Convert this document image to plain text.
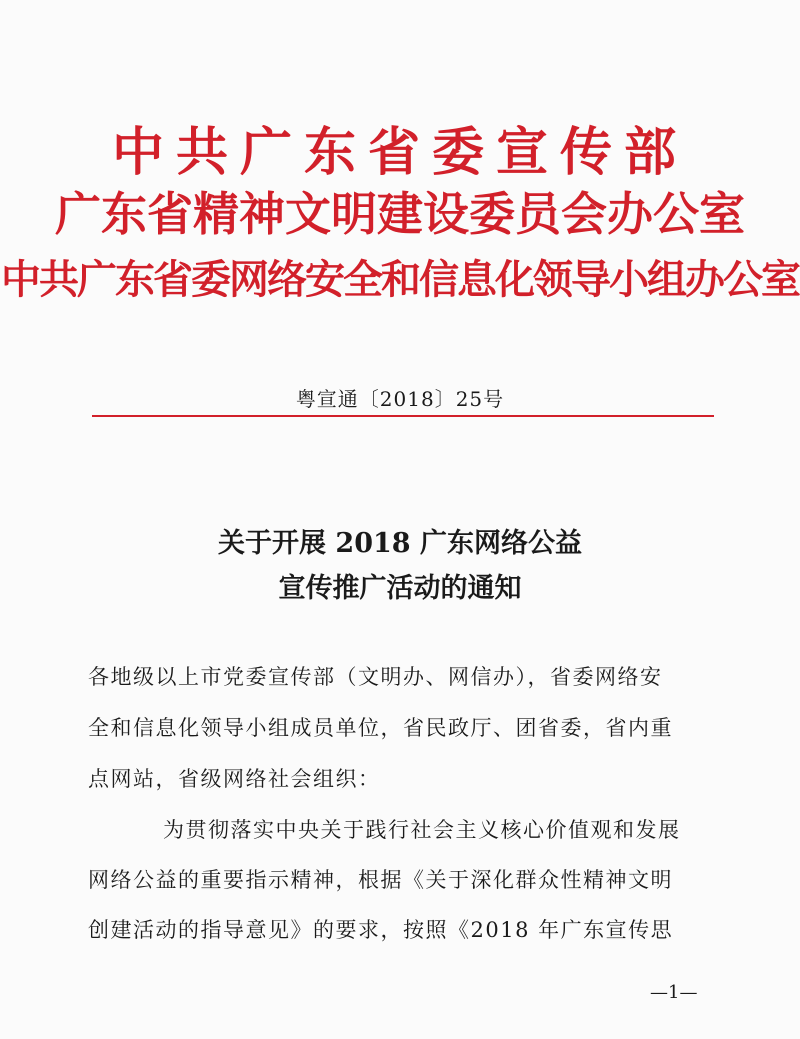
中共广东省委宣传部
广东省精神文明建设委员会办公室
中共广东省委网络安全和信息化领导小组办公室
粤宣通〔2018〕25号
关于开展 2018 广东网络公益
宣传推广活动的通知
各地级以上市党委宣传部（文明办、网信办），省委网络安
全和信息化领导小组成员单位，省民政厅、团省委，省内重
点网站，省级网络社会组织：
为贯彻落实中央关于践行社会主义核心价值观和发展
网络公益的重要指示精神，根据《关于深化群众性精神文明
创建活动的指导意见》的要求，按照《2018 年广东宣传思
—1—
